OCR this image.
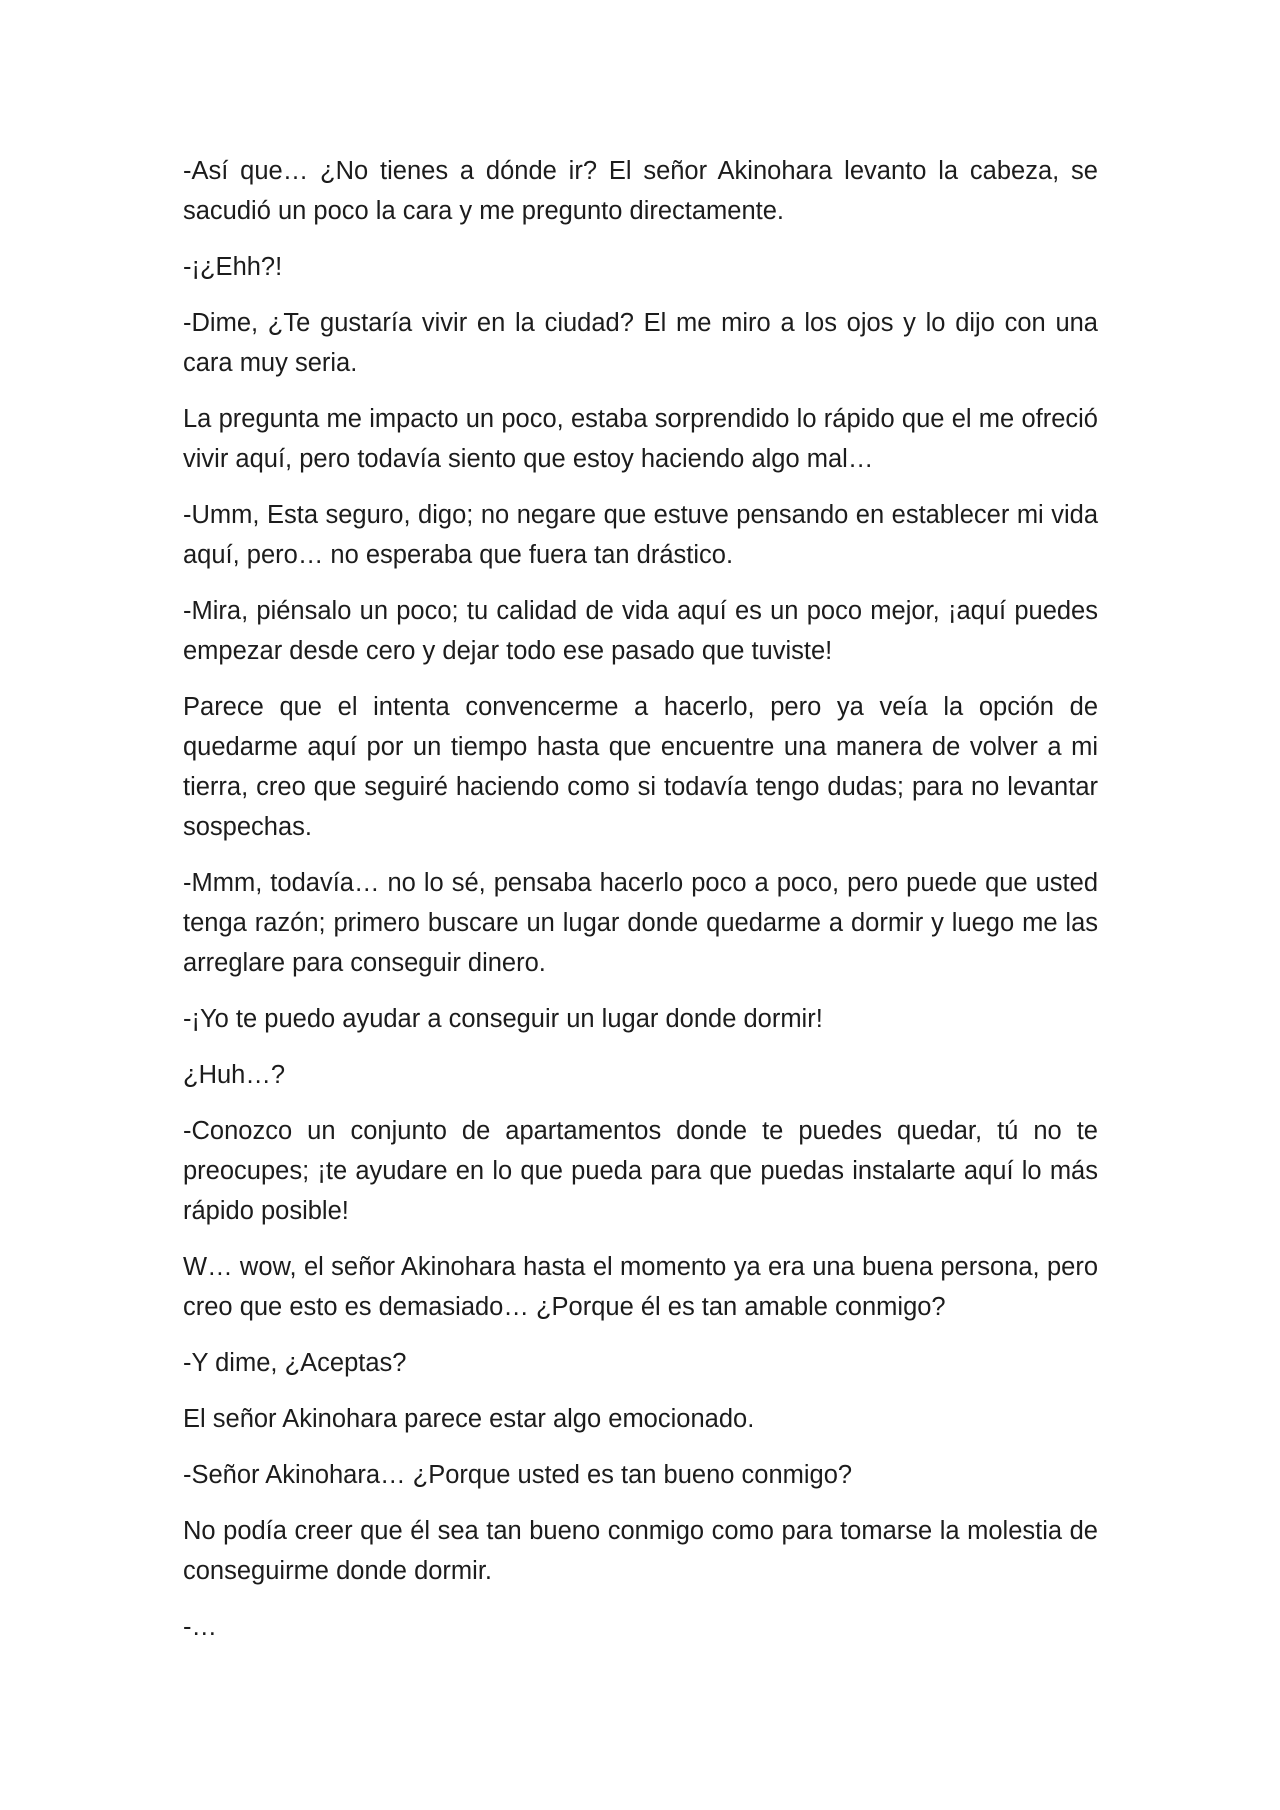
-Así que… ¿No tienes a dónde ir? El señor Akinohara levanto la cabeza, se sacudió un poco la cara y me pregunto directamente.

-¡¿Ehh?!

-Dime, ¿Te gustaría vivir en la ciudad? El me miro a los ojos y lo dijo con una cara muy seria.

La pregunta me impacto un poco, estaba sorprendido lo rápido que el me ofreció vivir aquí, pero todavía siento que estoy haciendo algo mal…

-Umm, Esta seguro, digo; no negare que estuve pensando en establecer mi vida aquí, pero… no esperaba que fuera tan drástico.

-Mira, piénsalo un poco; tu calidad de vida aquí es un poco mejor, ¡aquí puedes empezar desde cero y dejar todo ese pasado que tuviste!

Parece que el intenta convencerme a hacerlo, pero ya veía la opción de quedarme aquí por un tiempo hasta que encuentre una manera de volver a mi tierra, creo que seguiré haciendo como si todavía tengo dudas; para no levantar sospechas.

-Mmm, todavía… no lo sé, pensaba hacerlo poco a poco, pero puede que usted tenga razón; primero buscare un lugar donde quedarme a dormir y luego me las arreglare para conseguir dinero.

-¡Yo te puedo ayudar a conseguir un lugar donde dormir!

¿Huh…?

-Conozco un conjunto de apartamentos donde te puedes quedar, tú no te preocupes; ¡te ayudare en lo que pueda para que puedas instalarte aquí lo más rápido posible!

W… wow, el señor Akinohara hasta el momento ya era una buena persona, pero creo que esto es demasiado… ¿Porque él es tan amable conmigo?

-Y dime, ¿Aceptas?

El señor Akinohara parece estar algo emocionado.

-Señor Akinohara… ¿Porque usted es tan bueno conmigo?

No podía creer que él sea tan bueno conmigo como para tomarse la molestia de conseguirme donde dormir.

-…
